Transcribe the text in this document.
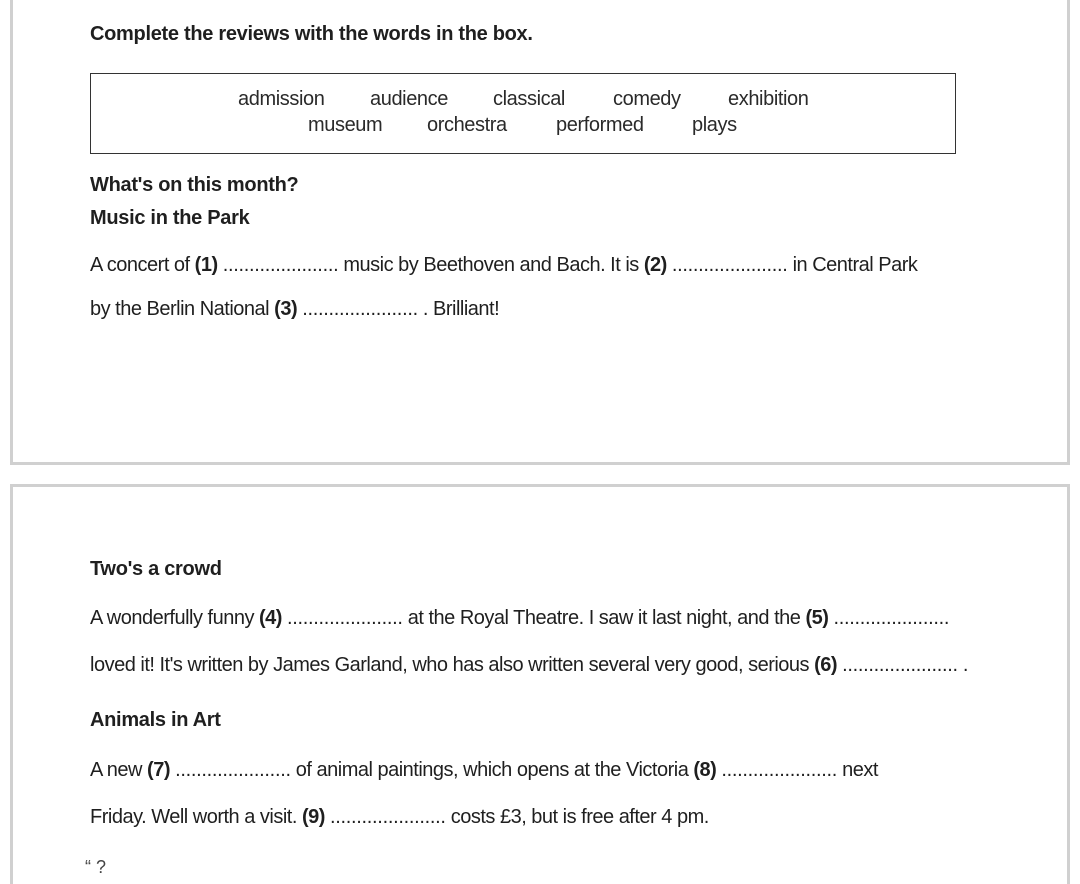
Complete the reviews with the words in the box.
admission audience classical comedy exhibition
museum orchestra performed plays
What's on this month?
Music in the Park
A concert of (1) ...................... music by Beethoven and Bach. It is (2) ...................... in Central Park
by the Berlin National (3) ...................... . Brilliant!
Two's a crowd
A wonderfully funny (4) ...................... at the Royal Theatre. I saw it last night, and the (5) ......................
loved it! It's written by James Garland, who has also written several very good, serious (6) ...................... .
Animals in Art
A new (7) ...................... of animal paintings, which opens at the Victoria (8) ...................... next
Friday. Well worth a visit. (9) ...................... costs £3, but is free after 4 pm.
“ ?
